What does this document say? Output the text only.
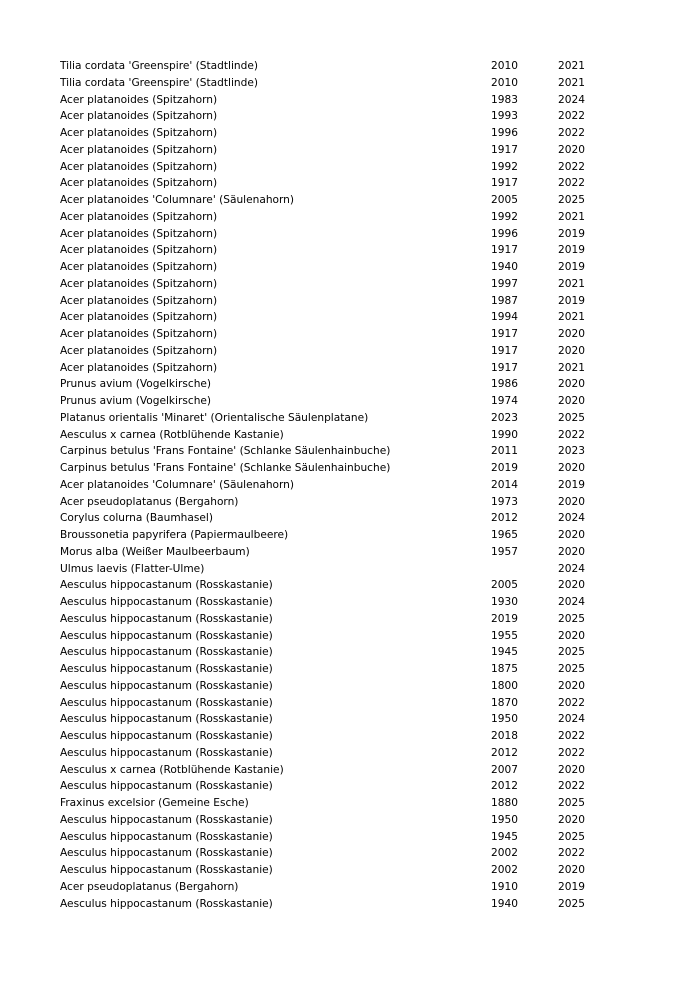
Tilia cordata 'Greenspire' (Stadtlinde)	2010	2021
Tilia cordata 'Greenspire' (Stadtlinde)	2010	2021
Acer platanoides (Spitzahorn)	1983	2024
Acer platanoides (Spitzahorn)	1993	2022
Acer platanoides (Spitzahorn)	1996	2022
Acer platanoides (Spitzahorn)	1917	2020
Acer platanoides (Spitzahorn)	1992	2022
Acer platanoides (Spitzahorn)	1917	2022
Acer platanoides 'Columnare' (Säulenahorn)	2005	2025
Acer platanoides (Spitzahorn)	1992	2021
Acer platanoides (Spitzahorn)	1996	2019
Acer platanoides (Spitzahorn)	1917	2019
Acer platanoides (Spitzahorn)	1940	2019
Acer platanoides (Spitzahorn)	1997	2021
Acer platanoides (Spitzahorn)	1987	2019
Acer platanoides (Spitzahorn)	1994	2021
Acer platanoides (Spitzahorn)	1917	2020
Acer platanoides (Spitzahorn)	1917	2020
Acer platanoides (Spitzahorn)	1917	2021
Prunus avium (Vogelkirsche)	1986	2020
Prunus avium (Vogelkirsche)	1974	2020
Platanus orientalis 'Minaret' (Orientalische Säulenplatane)	2023	2025
Aesculus x carnea (Rotblühende Kastanie)	1990	2022
Carpinus betulus 'Frans Fontaine' (Schlanke Säulenhainbuche)	2011	2023
Carpinus betulus 'Frans Fontaine' (Schlanke Säulenhainbuche)	2019	2020
Acer platanoides 'Columnare' (Säulenahorn)	2014	2019
Acer pseudoplatanus (Bergahorn)	1973	2020
Corylus colurna (Baumhasel)	2012	2024
Broussonetia papyrifera (Papiermaulbeere)	1965	2020
Morus alba (Weißer Maulbeerbaum)	1957	2020
Ulmus laevis (Flatter-Ulme)		2024
Aesculus hippocastanum (Rosskastanie)	2005	2020
Aesculus hippocastanum (Rosskastanie)	1930	2024
Aesculus hippocastanum (Rosskastanie)	2019	2025
Aesculus hippocastanum (Rosskastanie)	1955	2020
Aesculus hippocastanum (Rosskastanie)	1945	2025
Aesculus hippocastanum (Rosskastanie)	1875	2025
Aesculus hippocastanum (Rosskastanie)	1800	2020
Aesculus hippocastanum (Rosskastanie)	1870	2022
Aesculus hippocastanum (Rosskastanie)	1950	2024
Aesculus hippocastanum (Rosskastanie)	2018	2022
Aesculus hippocastanum (Rosskastanie)	2012	2022
Aesculus x carnea (Rotblühende Kastanie)	2007	2020
Aesculus hippocastanum (Rosskastanie)	2012	2022
Fraxinus excelsior (Gemeine Esche)	1880	2025
Aesculus hippocastanum (Rosskastanie)	1950	2020
Aesculus hippocastanum (Rosskastanie)	1945	2025
Aesculus hippocastanum (Rosskastanie)	2002	2022
Aesculus hippocastanum (Rosskastanie)	2002	2020
Acer pseudoplatanus (Bergahorn)	1910	2019
Aesculus hippocastanum (Rosskastanie)	1940	2025
